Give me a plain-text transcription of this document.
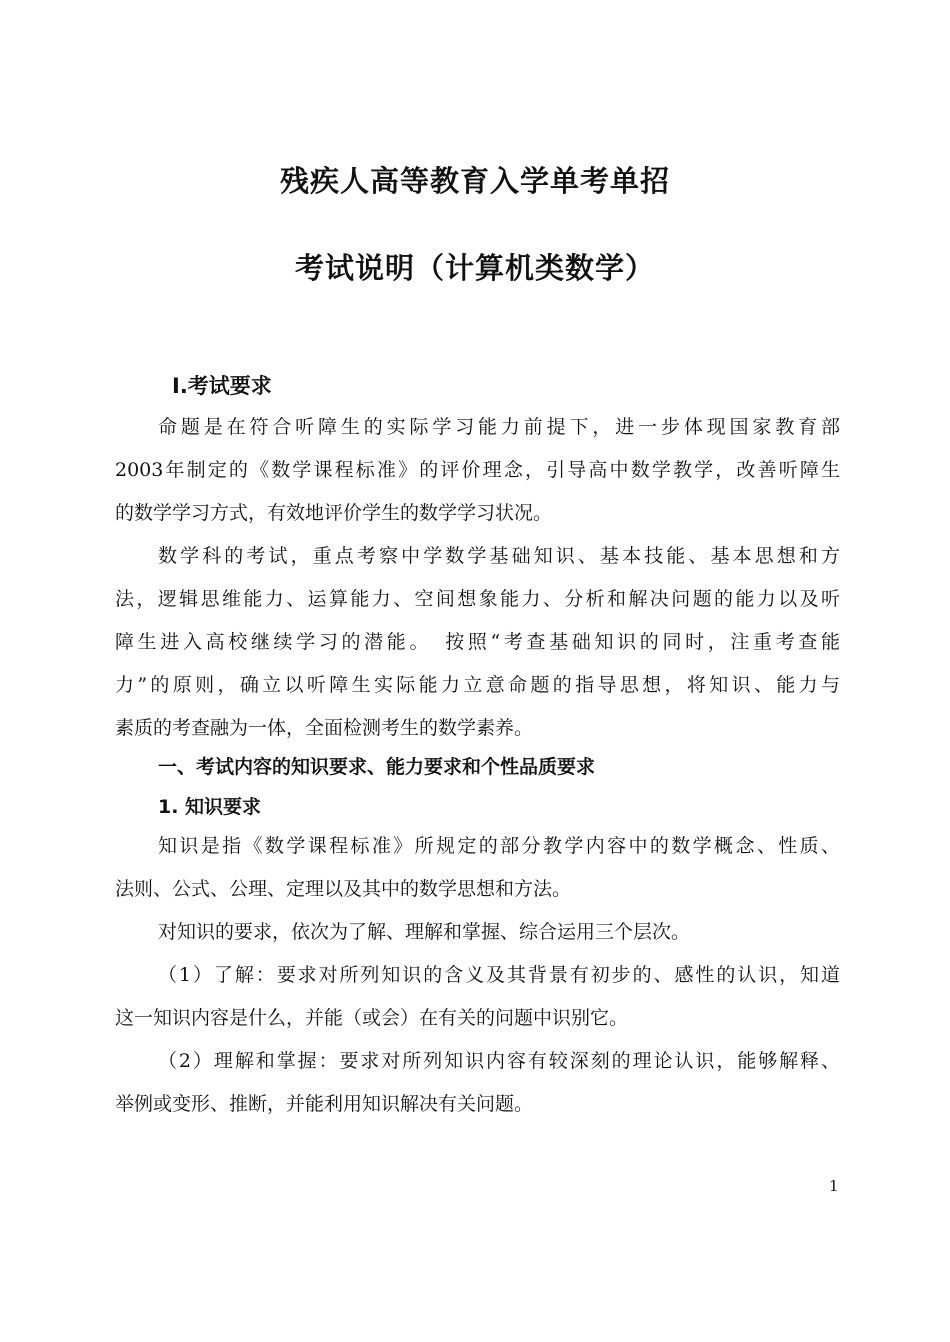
残疾人高等教育入学单考单招
考试说明（计算机类数学）
Ⅰ.考试要求
命题是在符合听障生的实际学习能力前提下，进一步体现国家教育部
2003年制定的《数学课程标准》的评价理念，引导高中数学教学，改善听障生
的数学学习方式，有效地评价学生的数学学习状况。
数学科的考试，重点考察中学数学基础知识、基本技能、基本思想和方
法，逻辑思维能力、运算能力、空间想象能力、分析和解决问题的能力以及听
障生进入高校继续学习的潜能。　按照“考查基础知识的同时，注重考查能
力”的原则，确立以听障生实际能力立意命题的指导思想，将知识、能力与
素质的考查融为一体，全面检测考生的数学素养。
一、考试内容的知识要求、能力要求和个性品质要求
1. 知识要求
知识是指《数学课程标准》所规定的部分教学内容中的数学概念、性质、
法则、公式、公理、定理以及其中的数学思想和方法。
对知识的要求，依次为了解、理解和掌握、综合运用三个层次。
（1）了解：要求对所列知识的含义及其背景有初步的、感性的认识，知道
这一知识内容是什么，并能（或会）在有关的问题中识别它。
（2）理解和掌握：要求对所列知识内容有较深刻的理论认识，能够解释、
举例或变形、推断，并能利用知识解决有关问题。
1
